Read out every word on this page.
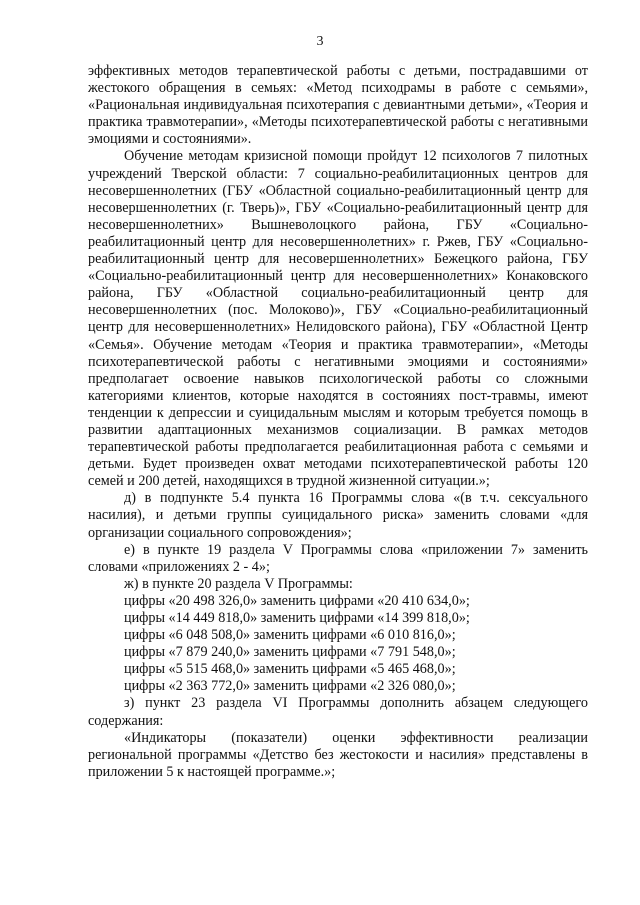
3

эффективных методов терапевтической работы с детьми, пострадавшими от жестокого обращения в семьях: «Метод психодрамы в работе с семьями», «Рациональная индивидуальная психотерапия с девиантными детьми», «Теория и практика травмотерапии», «Методы психотерапевтической работы с негативными эмоциями и состояниями».

Обучение методам кризисной помощи пройдут 12 психологов 7 пилотных учреждений Тверской области: 7 социально-реабилитационных центров для несовершеннолетних (ГБУ «Областной социально-реабилитационный центр для несовершеннолетних (г. Тверь)», ГБУ «Социально-реабилитационный центр для несовершеннолетних» Вышневолоцкого района, ГБУ «Социально-реабилитационный центр для несовершеннолетних» г. Ржев, ГБУ «Социально-реабилитационный центр для несовершеннолетних» Бежецкого района, ГБУ «Социально-реабилитационный центр для несовершеннолетних» Конаковского района, ГБУ «Областной социально-реабилитационный центр для несовершеннолетних (пос. Молоково)», ГБУ «Социально-реабилитационный центр для несовершеннолетних» Нелидовского района), ГБУ «Областной Центр «Семья». Обучение методам «Теория и практика травмотерапии», «Методы психотерапевтической работы с негативными эмоциями и состояниями» предполагает освоение навыков психологической работы со сложными категориями клиентов, которые находятся в состояниях пост-травмы, имеют тенденции к депрессии и суицидальным мыслям и которым требуется помощь в развитии адаптационных механизмов социализации. В рамках методов терапевтической работы предполагается реабилитационная работа с семьями и детьми. Будет произведен охват методами психотерапевтической работы 120 семей и 200 детей, находящихся в трудной жизненной ситуации.»;

д) в подпункте 5.4 пункта 16 Программы слова «(в т.ч. сексуального насилия), и детьми группы суицидального риска» заменить словами «для организации социального сопровождения»;

е) в пункте 19 раздела V Программы слова «приложении 7» заменить словами «приложениях 2 - 4»;

ж) в пункте 20 раздела V Программы:

цифры «20 498 326,0» заменить цифрами «20 410 634,0»;

цифры «14 449 818,0» заменить цифрами «14 399 818,0»;

цифры «6 048 508,0» заменить цифрами «6 010 816,0»;

цифры «7 879 240,0» заменить цифрами «7 791 548,0»;

цифры «5 515 468,0» заменить цифрами «5 465 468,0»;

цифры «2 363 772,0» заменить цифрами «2 326 080,0»;

з) пункт 23 раздела VI Программы дополнить абзацем следующего содержания:

«Индикаторы (показатели) оценки эффективности реализации региональной программы «Детство без жестокости и насилия» представлены в приложении 5 к настоящей программе.»;
